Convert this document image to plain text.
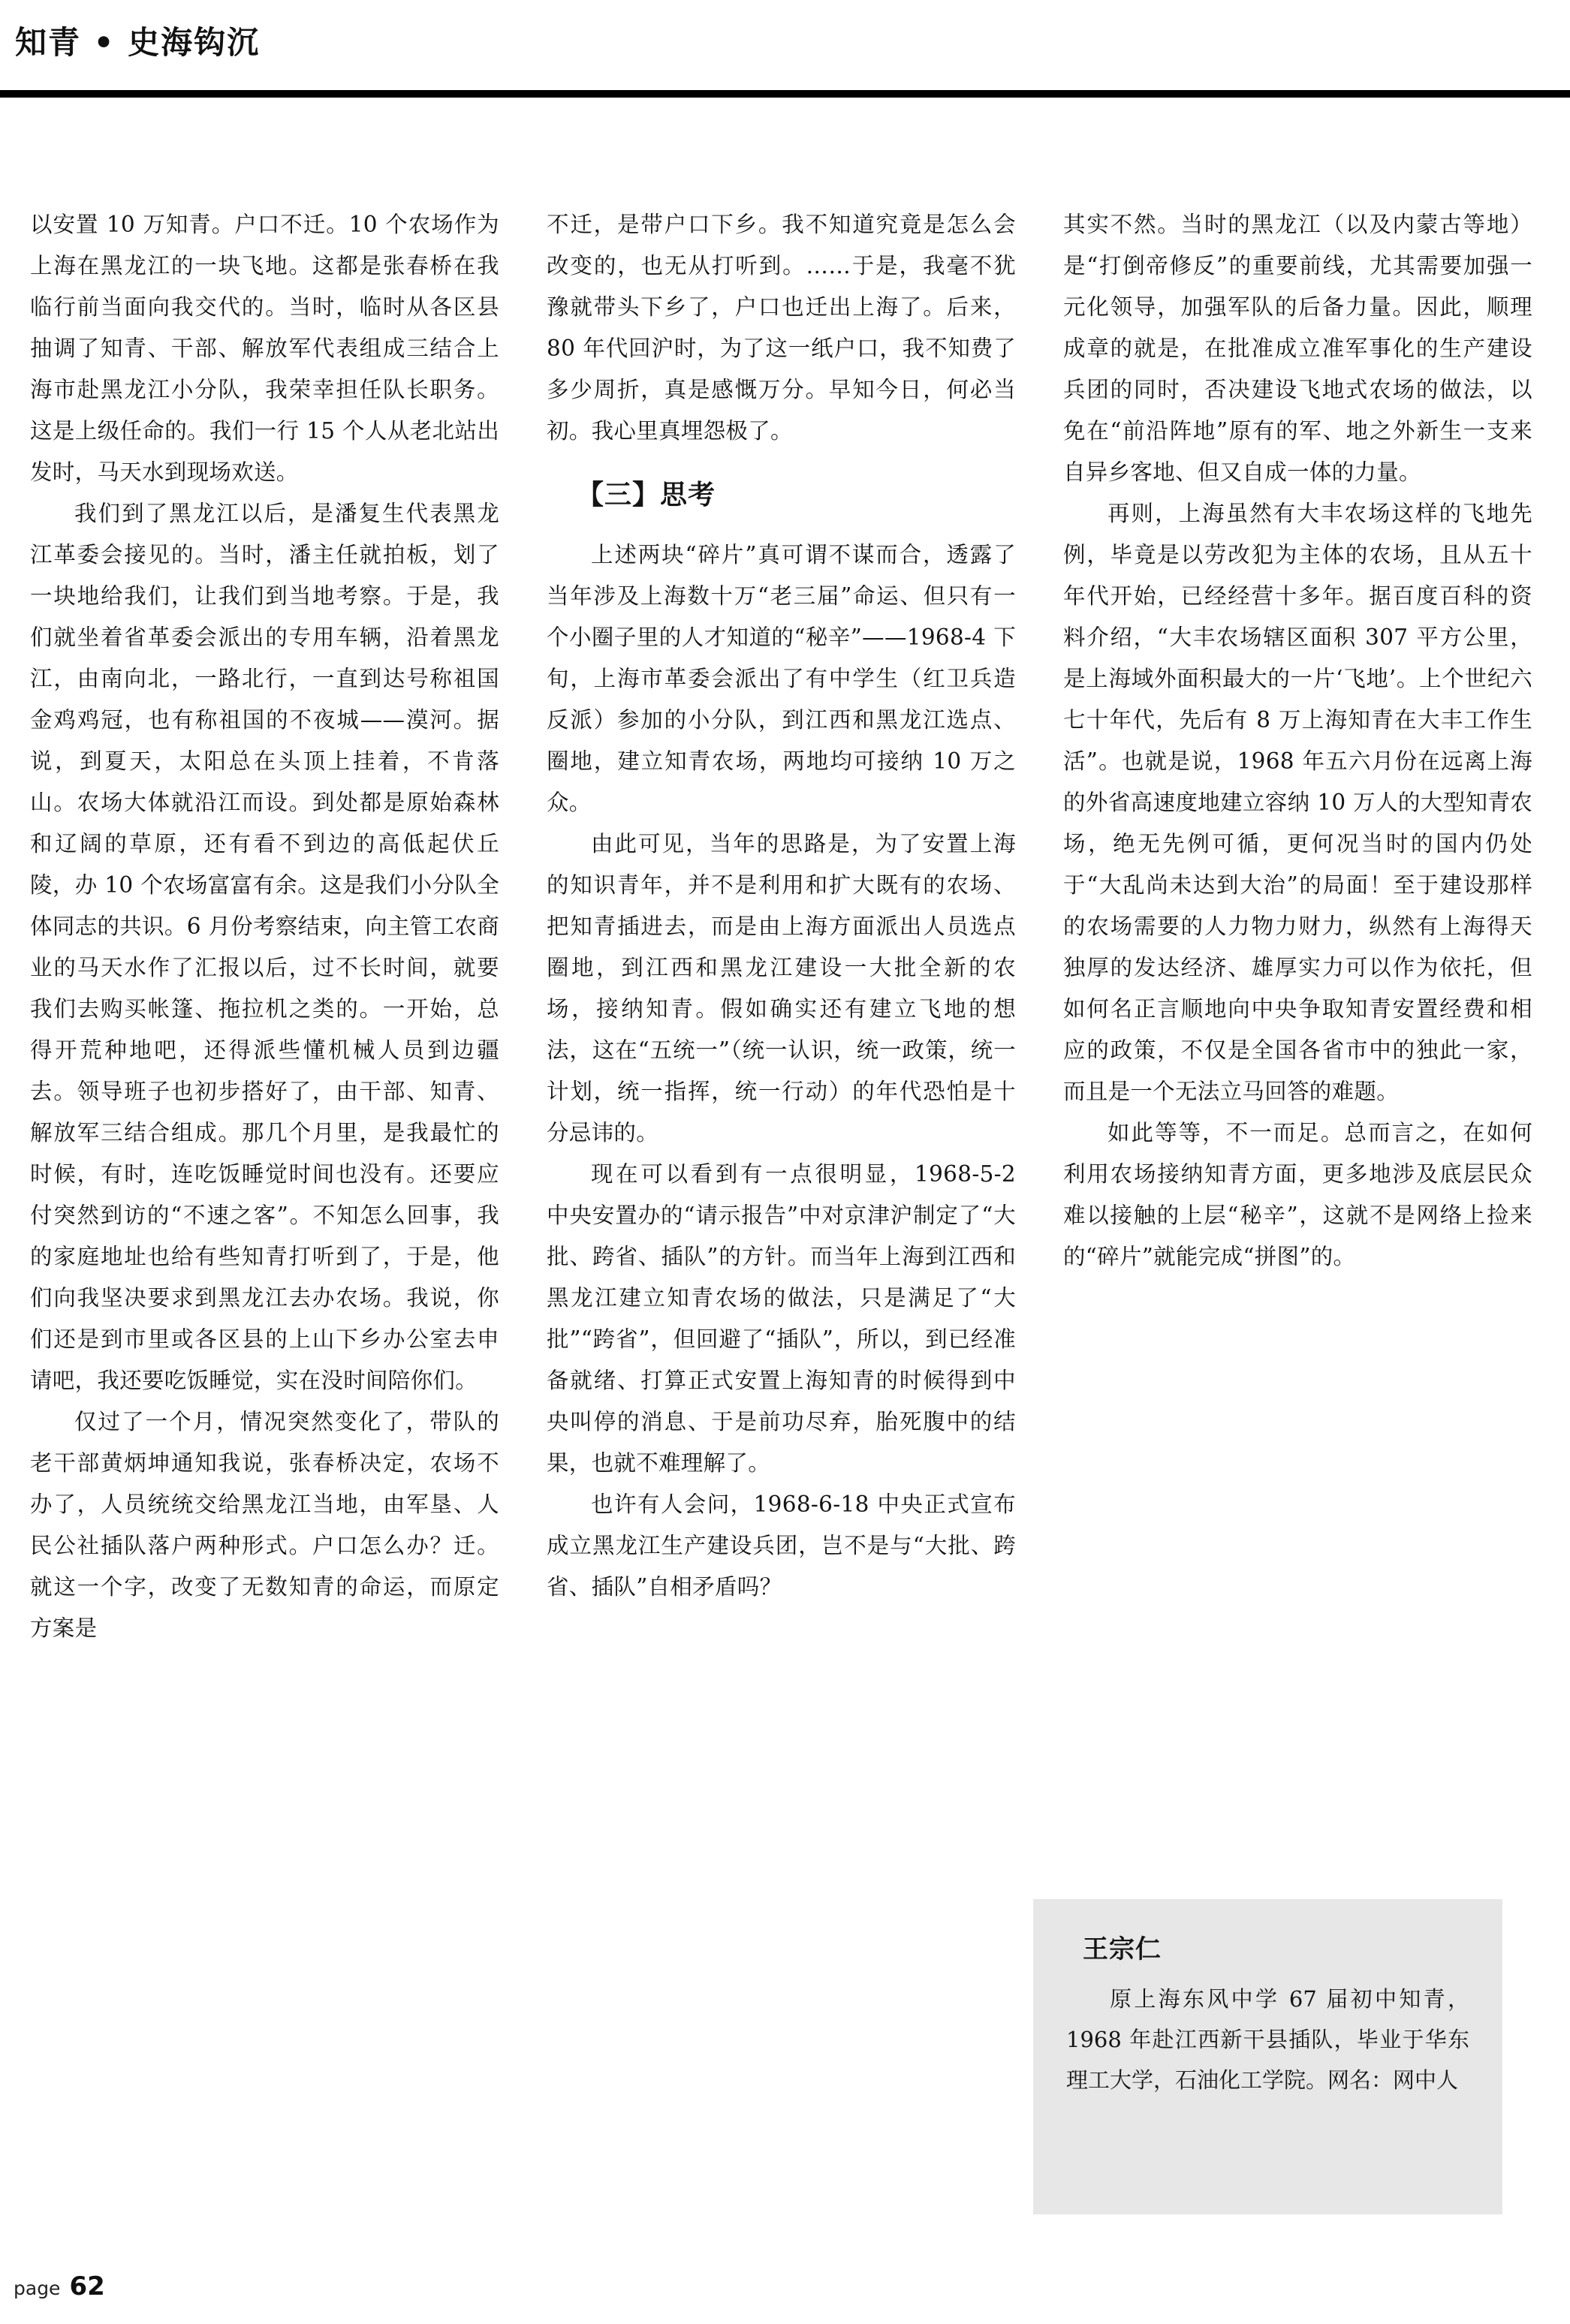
知青 • 史海钩沉

以安置 10 万知青。户口不迁。10 个农场作为上海在黑龙江的一块飞地。这都是张春桥在我临行前当面向我交代的。当时，临时从各区县抽调了知青、干部、解放军代表组成三结合上海市赴黑龙江小分队，我荣幸担任队长职务。这是上级任命的。我们一行 15 个人从老北站出发时，马天水到现场欢送。

我们到了黑龙江以后，是潘复生代表黑龙江革委会接见的。当时，潘主任就拍板，划了一块地给我们，让我们到当地考察。于是，我们就坐着省革委会派出的专用车辆，沿着黑龙江，由南向北，一路北行，一直到达号称祖国金鸡鸡冠，也有称祖国的不夜城——漠河。据说，到夏天，太阳总在头顶上挂着，不肯落山。农场大体就沿江而设。到处都是原始森林和辽阔的草原，还有看不到边的高低起伏丘陵，办 10 个农场富富有余。这是我们小分队全体同志的共识。6 月份考察结束，向主管工农商业的马天水作了汇报以后，过不长时间，就要我们去购买帐篷、拖拉机之类的。一开始，总得开荒种地吧，还得派些懂机械人员到边疆去。领导班子也初步搭好了，由干部、知青、解放军三结合组成。那几个月里，是我最忙的时候，有时，连吃饭睡觉时间也没有。还要应付突然到访的“不速之客”。不知怎么回事，我的家庭地址也给有些知青打听到了，于是，他们向我坚决要求到黑龙江去办农场。我说，你们还是到市里或各区县的上山下乡办公室去申请吧，我还要吃饭睡觉，实在没时间陪你们。

仅过了一个月，情况突然变化了，带队的老干部黄炳坤通知我说，张春桥决定，农场不办了，人员统统交给黑龙江当地，由军垦、人民公社插队落户两种形式。户口怎么办？迁。就这一个字，改变了无数知青的命运，而原定方案是

不迁，是带户口下乡。我不知道究竟是怎么会改变的，也无从打听到。……于是，我毫不犹豫就带头下乡了，户口也迁出上海了。后来，80 年代回沪时，为了这一纸户口，我不知费了多少周折，真是感慨万分。早知今日，何必当初。我心里真埋怨极了。

【三】思考

上述两块“碎片”真可谓不谋而合，透露了当年涉及上海数十万“老三届”命运、但只有一个小圈子里的人才知道的“秘辛”——1968-4 下旬，上海市革委会派出了有中学生（红卫兵造反派）参加的小分队，到江西和黑龙江选点、圈地，建立知青农场，两地均可接纳 10 万之众。

由此可见，当年的思路是，为了安置上海的知识青年，并不是利用和扩大既有的农场、把知青插进去，而是由上海方面派出人员选点圈地，到江西和黑龙江建设一大批全新的农场，接纳知青。假如确实还有建立飞地的想法，这在“五统一”（统一认识，统一政策，统一计划，统一指挥，统一行动）的年代恐怕是十分忌讳的。

现在可以看到有一点很明显，1968-5-2 中央安置办的“请示报告”中对京津沪制定了“大批、跨省、插队”的方针。而当年上海到江西和黑龙江建立知青农场的做法，只是满足了“大批”“跨省”，但回避了“插队”，所以，到已经准备就绪、打算正式安置上海知青的时候得到中央叫停的消息、于是前功尽弃，胎死腹中的结果，也就不难理解了。

也许有人会问，1968-6-18 中央正式宣布成立黑龙江生产建设兵团，岂不是与“大批、跨省、插队”自相矛盾吗？

其实不然。当时的黑龙江（以及内蒙古等地）是“打倒帝修反”的重要前线，尤其需要加强一元化领导，加强军队的后备力量。因此，顺理成章的就是，在批准成立准军事化的生产建设兵团的同时，否决建设飞地式农场的做法，以免在“前沿阵地”原有的军、地之外新生一支来自异乡客地、但又自成一体的力量。

再则，上海虽然有大丰农场这样的飞地先例，毕竟是以劳改犯为主体的农场，且从五十年代开始，已经经营十多年。据百度百科的资料介绍，“大丰农场辖区面积 307 平方公里，是上海域外面积最大的一片‘飞地’。上个世纪六七十年代，先后有 8 万上海知青在大丰工作生活”。也就是说，1968 年五六月份在远离上海的外省高速度地建立容纳 10 万人的大型知青农场，绝无先例可循，更何况当时的国内仍处于“大乱尚未达到大治”的局面！至于建设那样的农场需要的人力物力财力，纵然有上海得天独厚的发达经济、雄厚实力可以作为依托，但如何名正言顺地向中央争取知青安置经费和相应的政策，不仅是全国各省市中的独此一家，而且是一个无法立马回答的难题。

如此等等，不一而足。总而言之，在如何利用农场接纳知青方面，更多地涉及底层民众难以接触的上层“秘辛”，这就不是网络上捡来的“碎片”就能完成“拼图”的。

王宗仁
原上海东风中学 67 届初中知青，1968 年赴江西新干县插队，毕业于华东理工大学，石油化工学院。网名：网中人
page 62
